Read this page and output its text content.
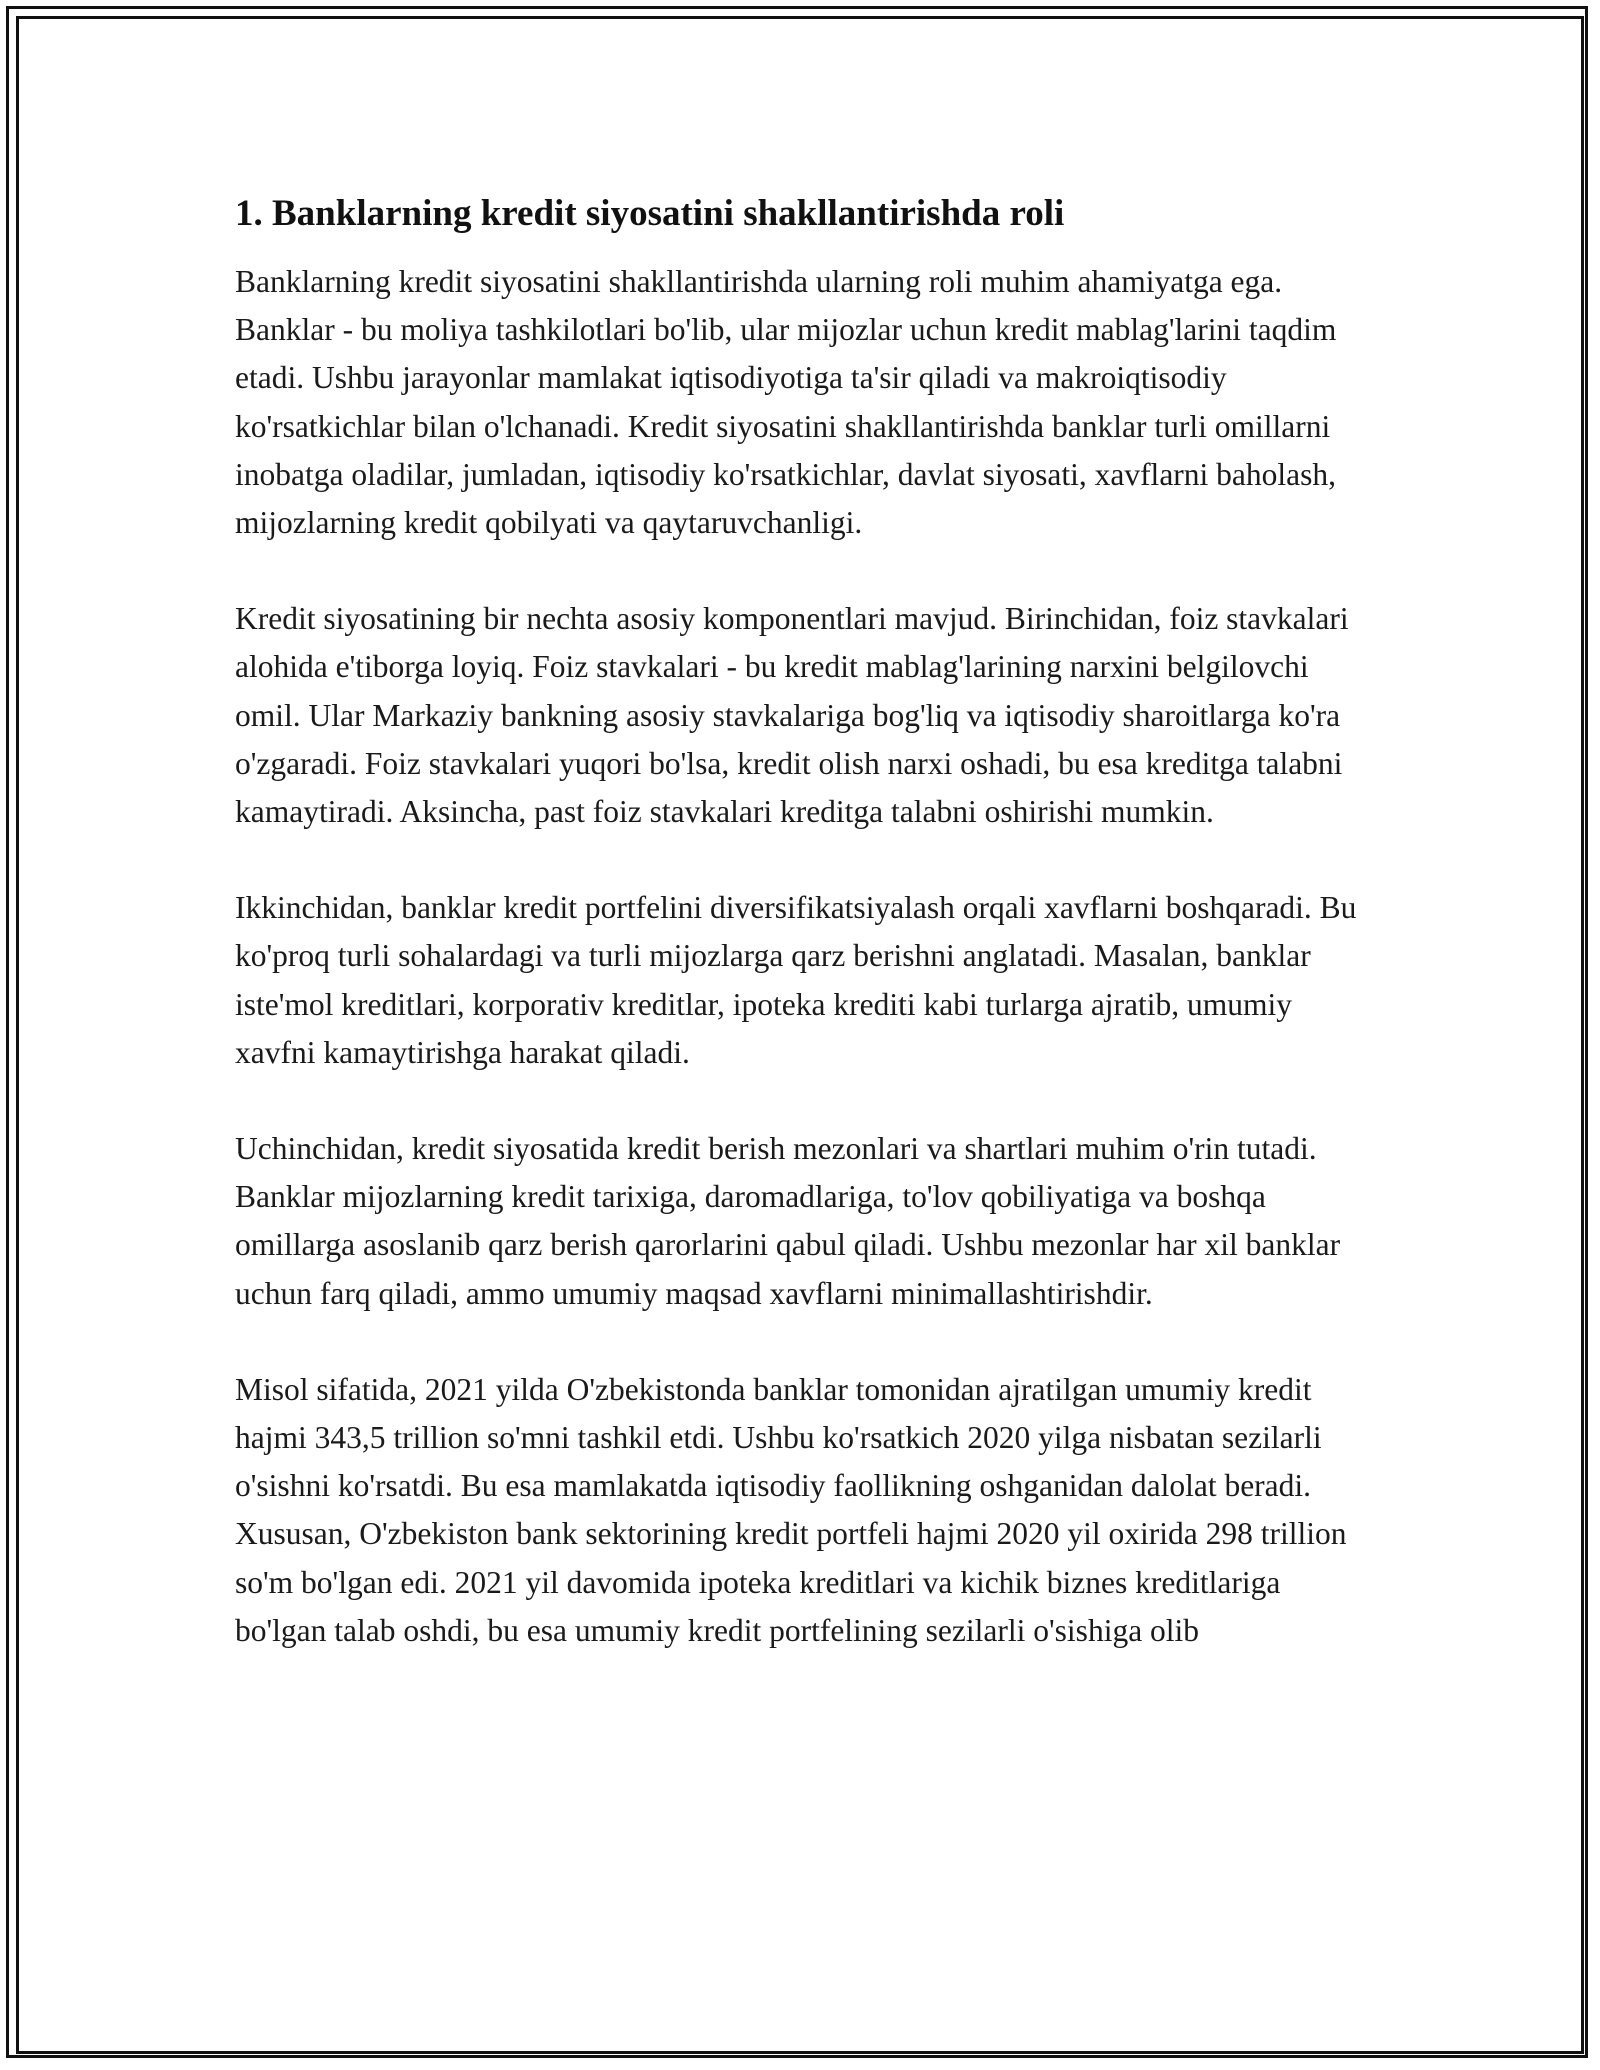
1. Banklarning kredit siyosatini shakllantirishda roli

Banklarning kredit siyosatini shakllantirishda ularning roli muhim ahamiyatga ega. Banklar - bu moliya tashkilotlari bo'lib, ular mijozlar uchun kredit mablag'larini taqdim etadi. Ushbu jarayonlar mamlakat iqtisodiyotiga ta'sir qiladi va makroiqtisodiy ko'rsatkichlar bilan o'lchanadi. Kredit siyosatini shakllantirishda banklar turli omillarni inobatga oladilar, jumladan, iqtisodiy ko'rsatkichlar, davlat siyosati, xavflarni baholash, mijozlarning kredit qobilyati va qaytaruvchanligi.

Kredit siyosatining bir nechta asosiy komponentlari mavjud. Birinchidan, foiz stavkalari alohida e'tiborga loyiq. Foiz stavkalari - bu kredit mablag'larining narxini belgilovchi omil. Ular Markaziy bankning asosiy stavkalariga bog'liq va iqtisodiy sharoitlarga ko'ra o'zgaradi. Foiz stavkalari yuqori bo'lsa, kredit olish narxi oshadi, bu esa kreditga talabni kamaytiradi. Aksincha, past foiz stavkalari kreditga talabni oshirishi mumkin.

Ikkinchidan, banklar kredit portfelini diversifikatsiyalash orqali xavflarni boshqaradi. Bu ko'proq turli sohalardagi va turli mijozlarga qarz berishni anglatadi. Masalan, banklar iste'mol kreditlari, korporativ kreditlar, ipoteka krediti kabi turlarga ajratib, umumiy xavfni kamaytirishga harakat qiladi.

Uchinchidan, kredit siyosatida kredit berish mezonlari va shartlari muhim o'rin tutadi. Banklar mijozlarning kredit tarixiga, daromadlariga, to'lov qobiliyatiga va boshqa omillarga asoslanib qarz berish qarorlarini qabul qiladi. Ushbu mezonlar har xil banklar uchun farq qiladi, ammo umumiy maqsad xavflarni minimallashtirishdir.

Misol sifatida, 2021 yilda O'zbekistonda banklar tomonidan ajratilgan umumiy kredit hajmi 343,5 trillion so'mni tashkil etdi. Ushbu ko'rsatkich 2020 yilga nisbatan sezilarli o'sishni ko'rsatdi. Bu esa mamlakatda iqtisodiy faollikning oshganidan dalolat beradi. Xususan, O'zbekiston bank sektorining kredit portfeli hajmi 2020 yil oxirida 298 trillion so'm bo'lgan edi. 2021 yil davomida ipoteka kreditlari va kichik biznes kreditlariga bo'lgan talab oshdi, bu esa umumiy kredit portfelining sezilarli o'sishiga olib
